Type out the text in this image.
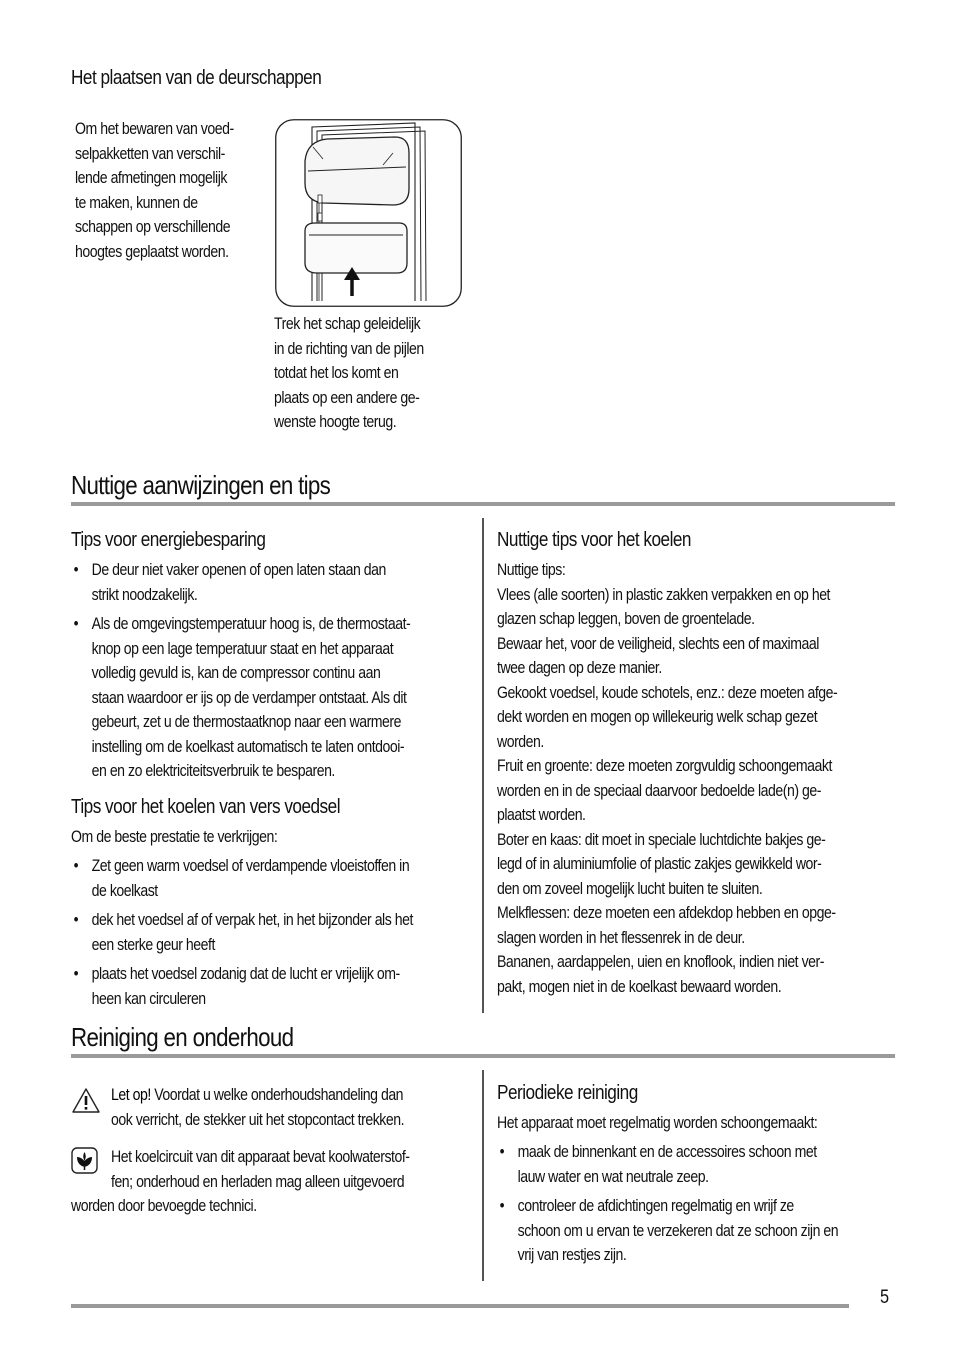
Het plaatsen van de deurschappen
Om het bewaren van voed-
selpakketten van verschil-
lende afmetingen mogelijk
te maken, kunnen de
schappen op verschillende
hoogtes geplaatst worden.
Trek het schap geleidelijk
in de richting van de pijlen
totdat het los komt en
plaats op een andere ge-
wenste hoogte terug.
Nuttige aanwijzingen en tips
Tips voor energiebesparing
• De deur niet vaker openen of open laten staan dan
strikt noodzakelijk.
• Als de omgevingstemperatuur hoog is, de thermostaat-
knop op een lage temperatuur staat en het apparaat
volledig gevuld is, kan de compressor continu aan
staan waardoor er ijs op de verdamper ontstaat. Als dit
gebeurt, zet u de thermostaatknop naar een warmere
instelling om de koelkast automatisch te laten ontdooi-
en en zo elektriciteitsverbruik te besparen.
Tips voor het koelen van vers voedsel
Om de beste prestatie te verkrijgen:
• Zet geen warm voedsel of verdampende vloeistoffen in
de koelkast
• dek het voedsel af of verpak het, in het bijzonder als het
een sterke geur heeft
• plaats het voedsel zodanig dat de lucht er vrijelijk om-
heen kan circuleren
Nuttige tips voor het koelen
Nuttige tips:
Vlees (alle soorten) in plastic zakken verpakken en op het
glazen schap leggen, boven de groentelade.
Bewaar het, voor de veiligheid, slechts een of maximaal
twee dagen op deze manier.
Gekookt voedsel, koude schotels, enz.: deze moeten afge-
dekt worden en mogen op willekeurig welk schap gezet
worden.
Fruit en groente: deze moeten zorgvuldig schoongemaakt
worden en in de speciaal daarvoor bedoelde lade(n) ge-
plaatst worden.
Boter en kaas: dit moet in speciale luchtdichte bakjes ge-
legd of in aluminiumfolie of plastic zakjes gewikkeld wor-
den om zoveel mogelijk lucht buiten te sluiten.
Melkflessen: deze moeten een afdekdop hebben en opge-
slagen worden in het flessenrek in de deur.
Bananen, aardappelen, uien en knoflook, indien niet ver-
pakt, mogen niet in de koelkast bewaard worden.
Reiniging en onderhoud
Let op! Voordat u welke onderhoudshandeling dan
ook verricht, de stekker uit het stopcontact trekken.
Het koelcircuit van dit apparaat bevat koolwaterstof-
fen; onderhoud en herladen mag alleen uitgevoerd
worden door bevoegde technici.
Periodieke reiniging
Het apparaat moet regelmatig worden schoongemaakt:
• maak de binnenkant en de accessoires schoon met
lauw water en wat neutrale zeep.
• controleer de afdichtingen regelmatig en wrijf ze
schoon om u ervan te verzekeren dat ze schoon zijn en
vrij van restjes zijn.
5
